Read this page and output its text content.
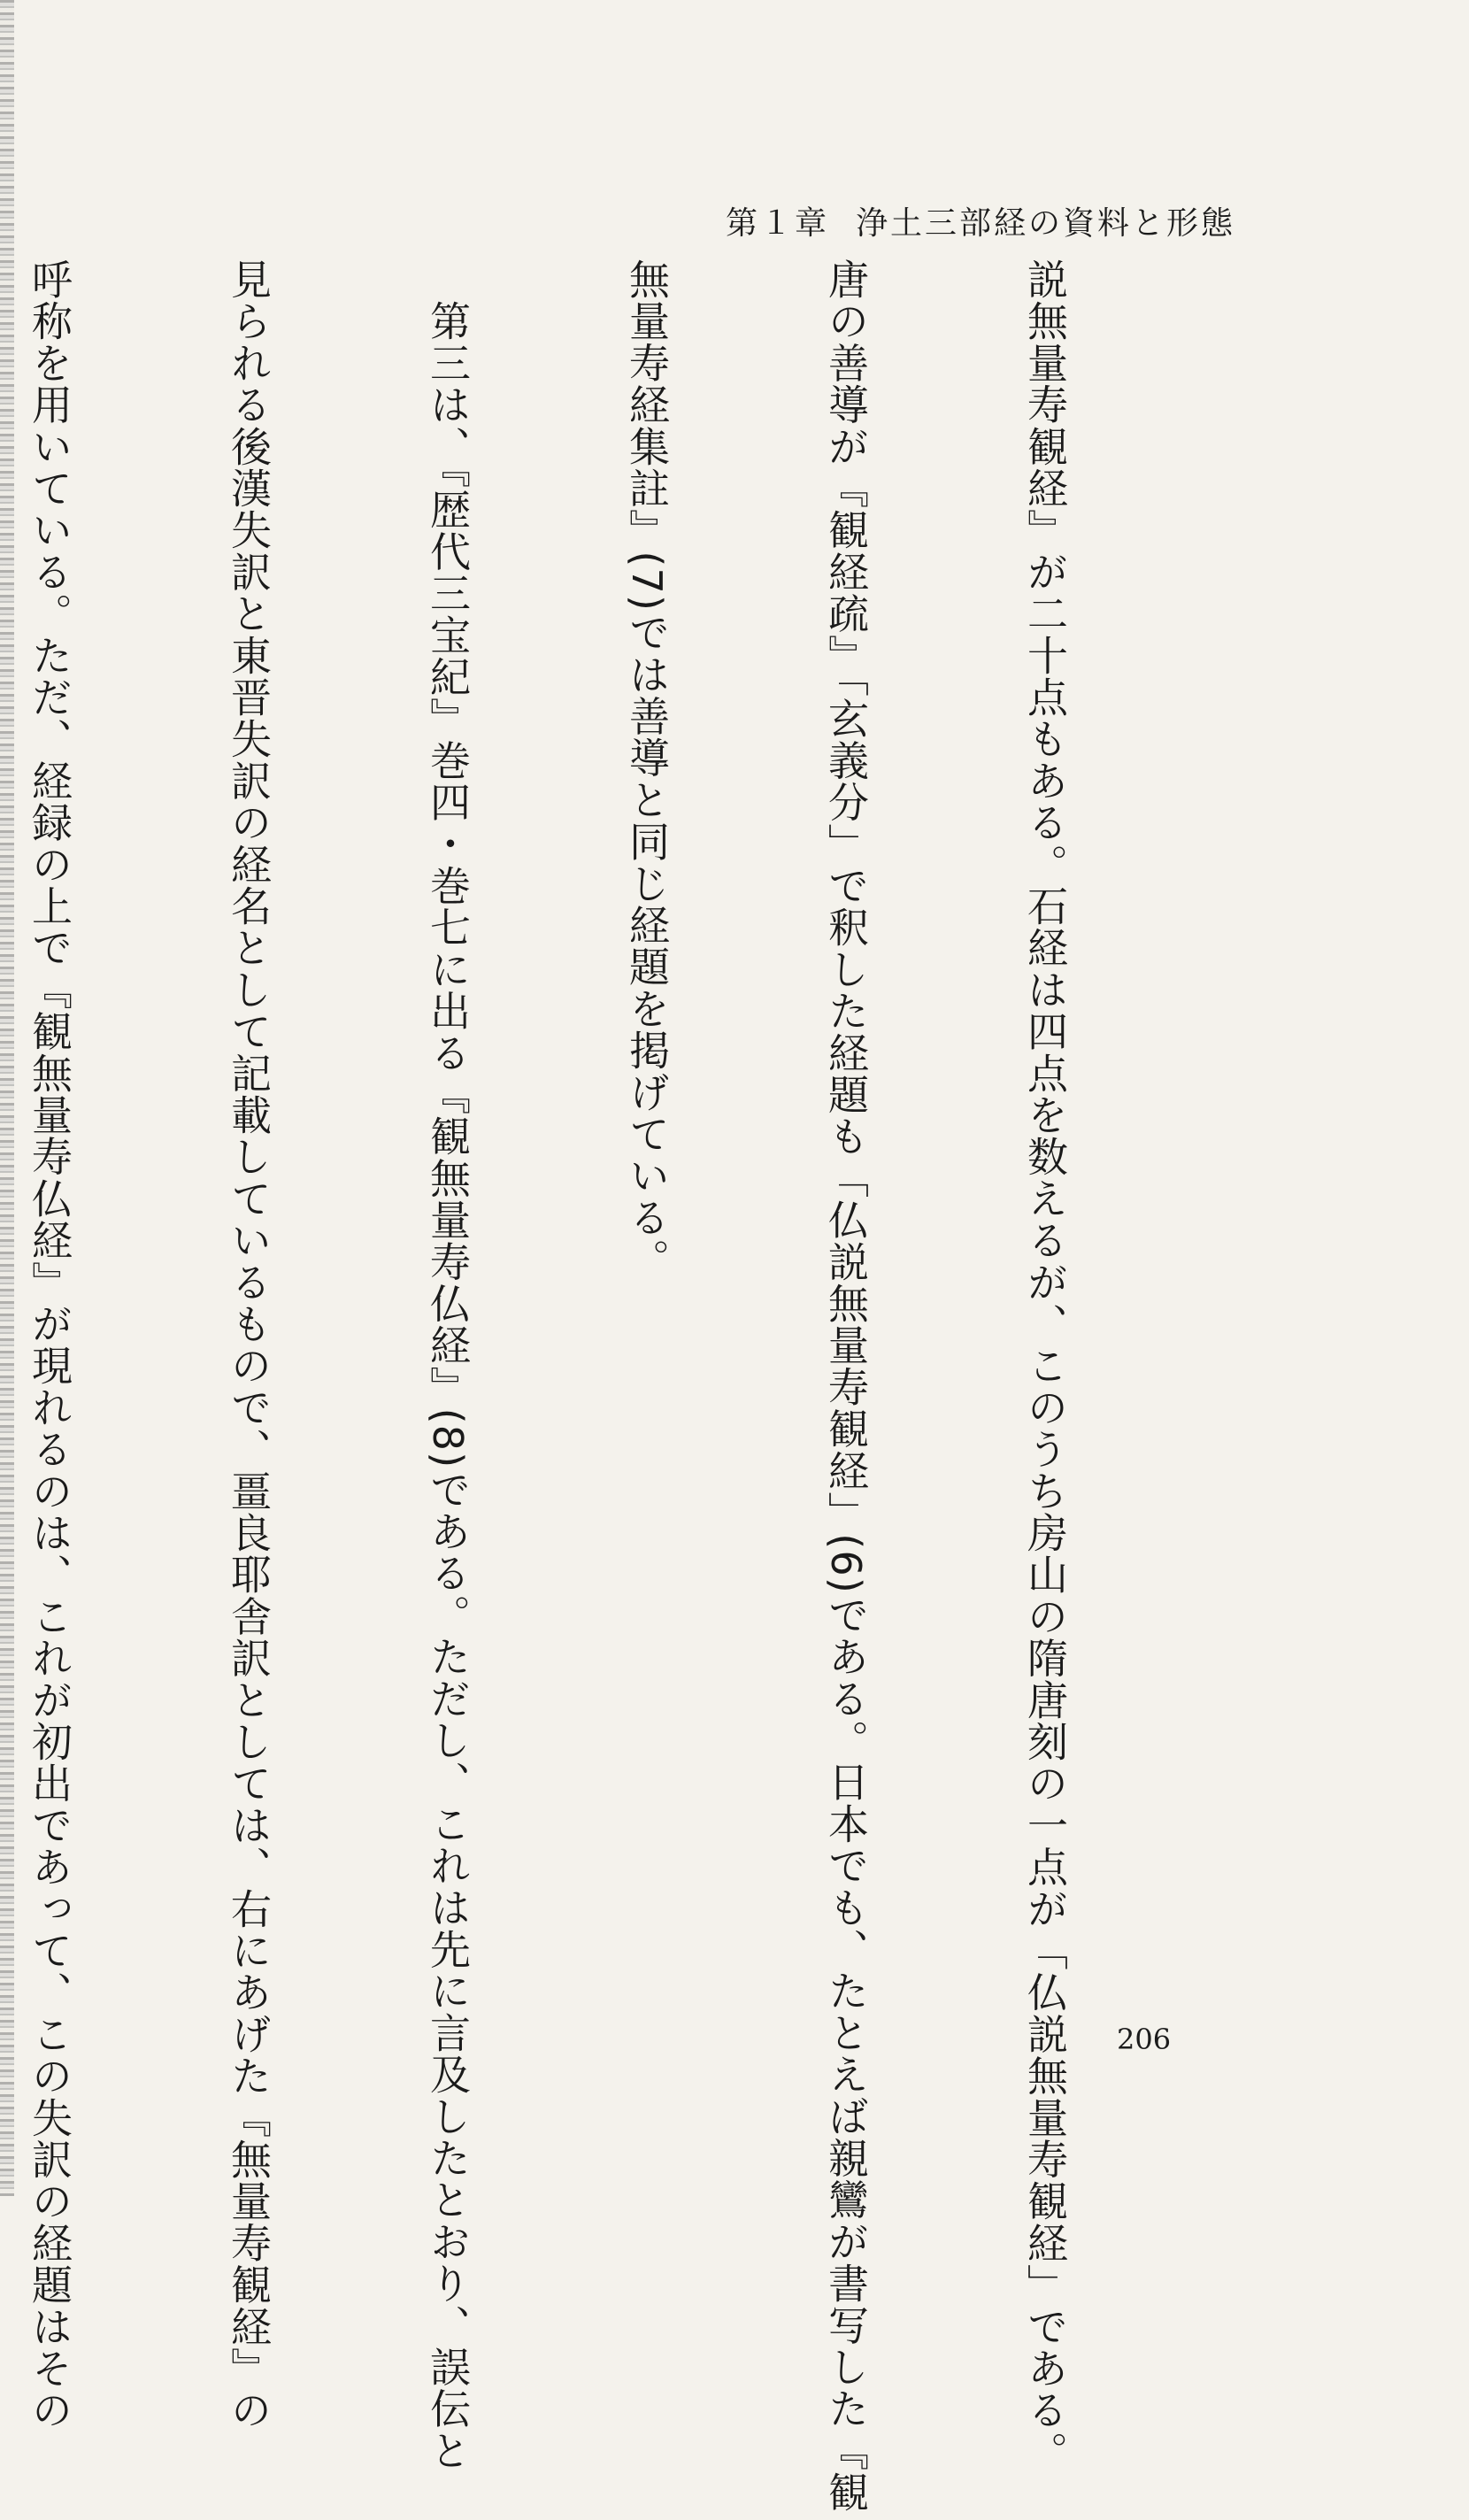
第１章 浄土三部経の資料と形態

説無量寿観経』が二十点もある。石経は四点を数えるが、このうち房山の隋唐刻の一点が「仏説無量寿観経」である。

唐の善導が『観経疏』「玄義分」で釈した経題も「仏説無量寿観経」(6)である。日本でも、たとえば親鸞が書写した『観

無量寿経集註』(7)では善導と同じ経題を掲げている。

　第三は、『歴代三宝紀』巻四・巻七に出る『観無量寿仏経』(8)である。ただし、これは先に言及したとおり、誤伝と

見られる後漢失訳と東晋失訳の経名として記載しているもので、畺良耶舎訳としては、右にあげた『無量寿観経』の

呼称を用いている。ただ、経録の上で『観無量寿仏経』が現れるのは、これが初出であって、この失訳の経題はその

	206
